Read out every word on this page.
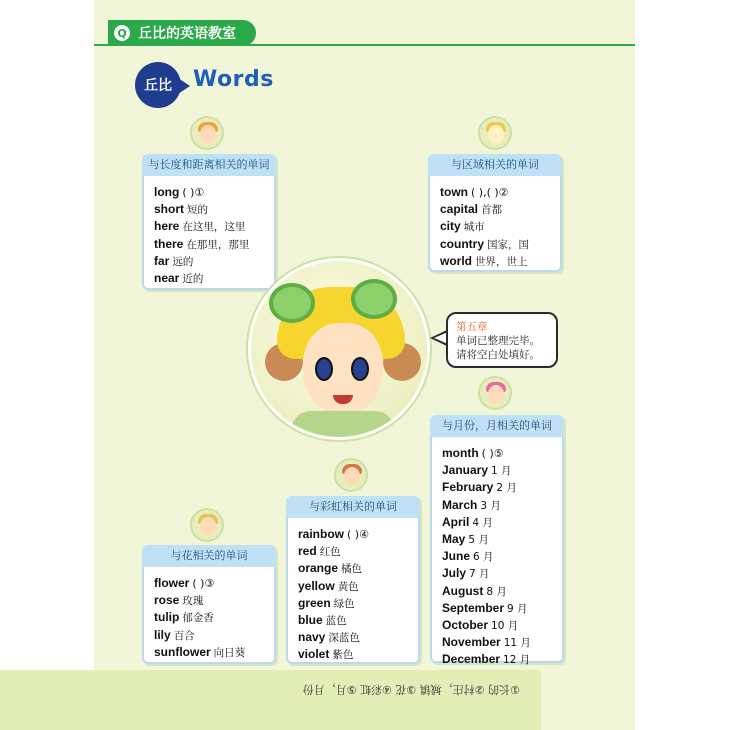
丘比的英语教室
Q
丘比 Words
与长度和距离相关的单词
long ( )①
short 短的
here 在这里，这里
there 在那里，那里
far 远的
near 近的
与区域相关的单词
town ( ),( )②
capital 首都
city 城市
country 国家，国
world 世界，世上
与月份，月相关的单词
month ( )⑤
January 1 月
February 2 月
March 3 月
April 4 月
May 5 月
June 6 月
July 7 月
August 8 月
September 9 月
October 10 月
November 11 月
December 12 月
与彩虹相关的单词
rainbow ( )④
red 红色
orange 橘色
yellow 黄色
green 绿色
blue 蓝色
navy 深蓝色
violet 紫色
与花相关的单词
flower ( )③
rose 玫瑰
tulip 郁金香
lily 百合
sunflower 向日葵
第五章
单词已整理完毕。
请将空白处填好。
①长的 ②村庄，城镇 ③花 ④彩虹 ⑤月，月份
